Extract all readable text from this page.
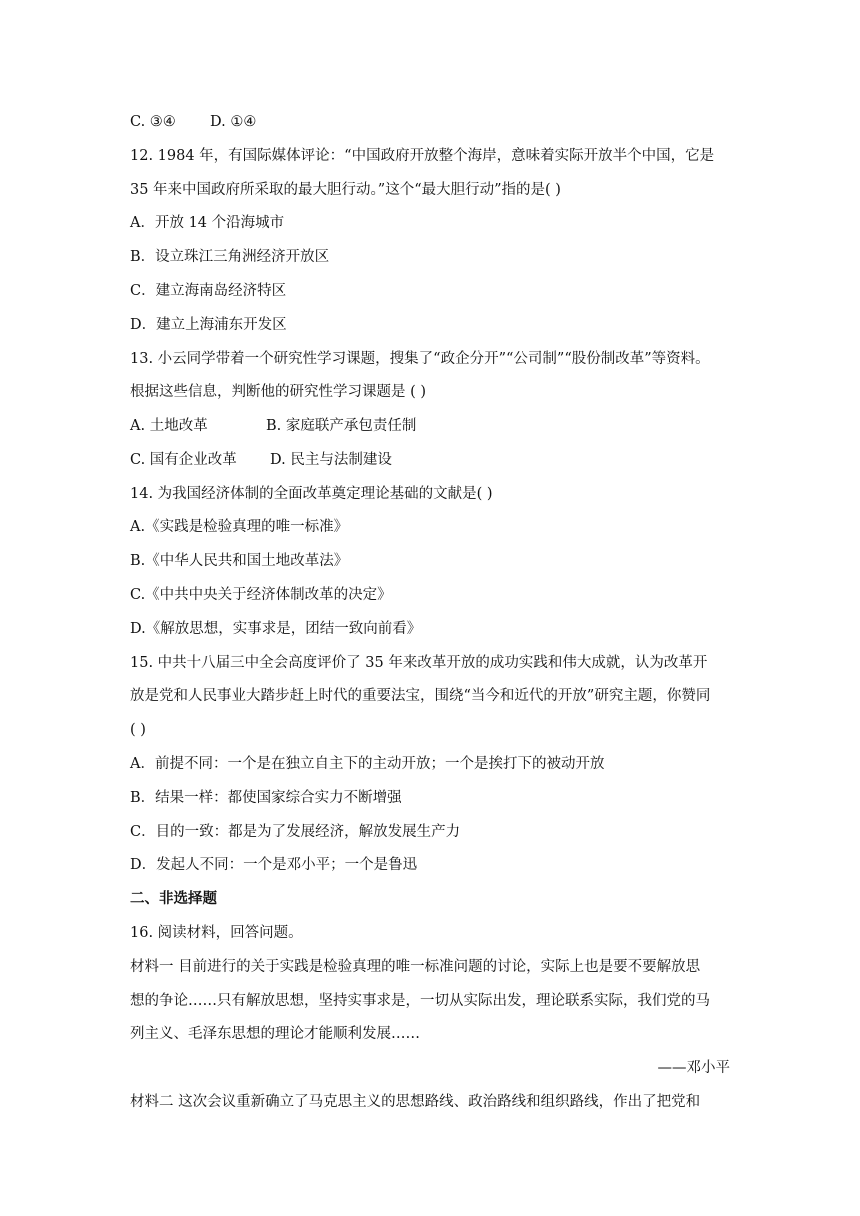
C. ③④ D. ①④
12. 1984 年，有国际媒体评论：“中国政府开放整个海岸，意味着实际开放半个中国，它是
35 年来中国政府所采取的最大胆行动。”这个“最大胆行动”指的是( )
A．开放 14 个沿海城市
B．设立珠江三角洲经济开放区
C．建立海南岛经济特区
D．建立上海浦东开发区
13. 小云同学带着一个研究性学习课题，搜集了“政企分开”“公司制”“股份制改革”等资料。
根据这些信息，判断他的研究性学习课题是 ( )
A. 土地改革	B. 家庭联产承包责任制
C. 国有企业改革 D. 民主与法制建设
14. 为我国经济体制的全面改革奠定理论基础的文献是( )
A.《实践是检验真理的唯一标准》
B.《中华人民共和国土地改革法》
C.《中共中央关于经济体制改革的决定》
D.《解放思想，实事求是，团结一致向前看》
15. 中共十八届三中全会高度评价了 35 年来改革开放的成功实践和伟大成就，认为改革开
放是党和人民事业大踏步赶上时代的重要法宝，围绕“当今和近代的开放”研究主题，你赞同
( )
A．前提不同：一个是在独立自主下的主动开放；一个是挨打下的被动开放
B．结果一样：都使国家综合实力不断增强
C．目的一致：都是为了发展经济，解放发展生产力
D．发起人不同：一个是邓小平；一个是鲁迅
二、非选择题
16. 阅读材料，回答问题。
材料一 目前进行的关于实践是检验真理的唯一标准问题的讨论，实际上也是要不要解放思
想的争论……只有解放思想，坚持实事求是，一切从实际出发，理论联系实际，我们党的马
列主义、毛泽东思想的理论才能顺利发展……
——邓小平
材料二 这次会议重新确立了马克思主义的思想路线、政治路线和组织路线，作出了把党和
